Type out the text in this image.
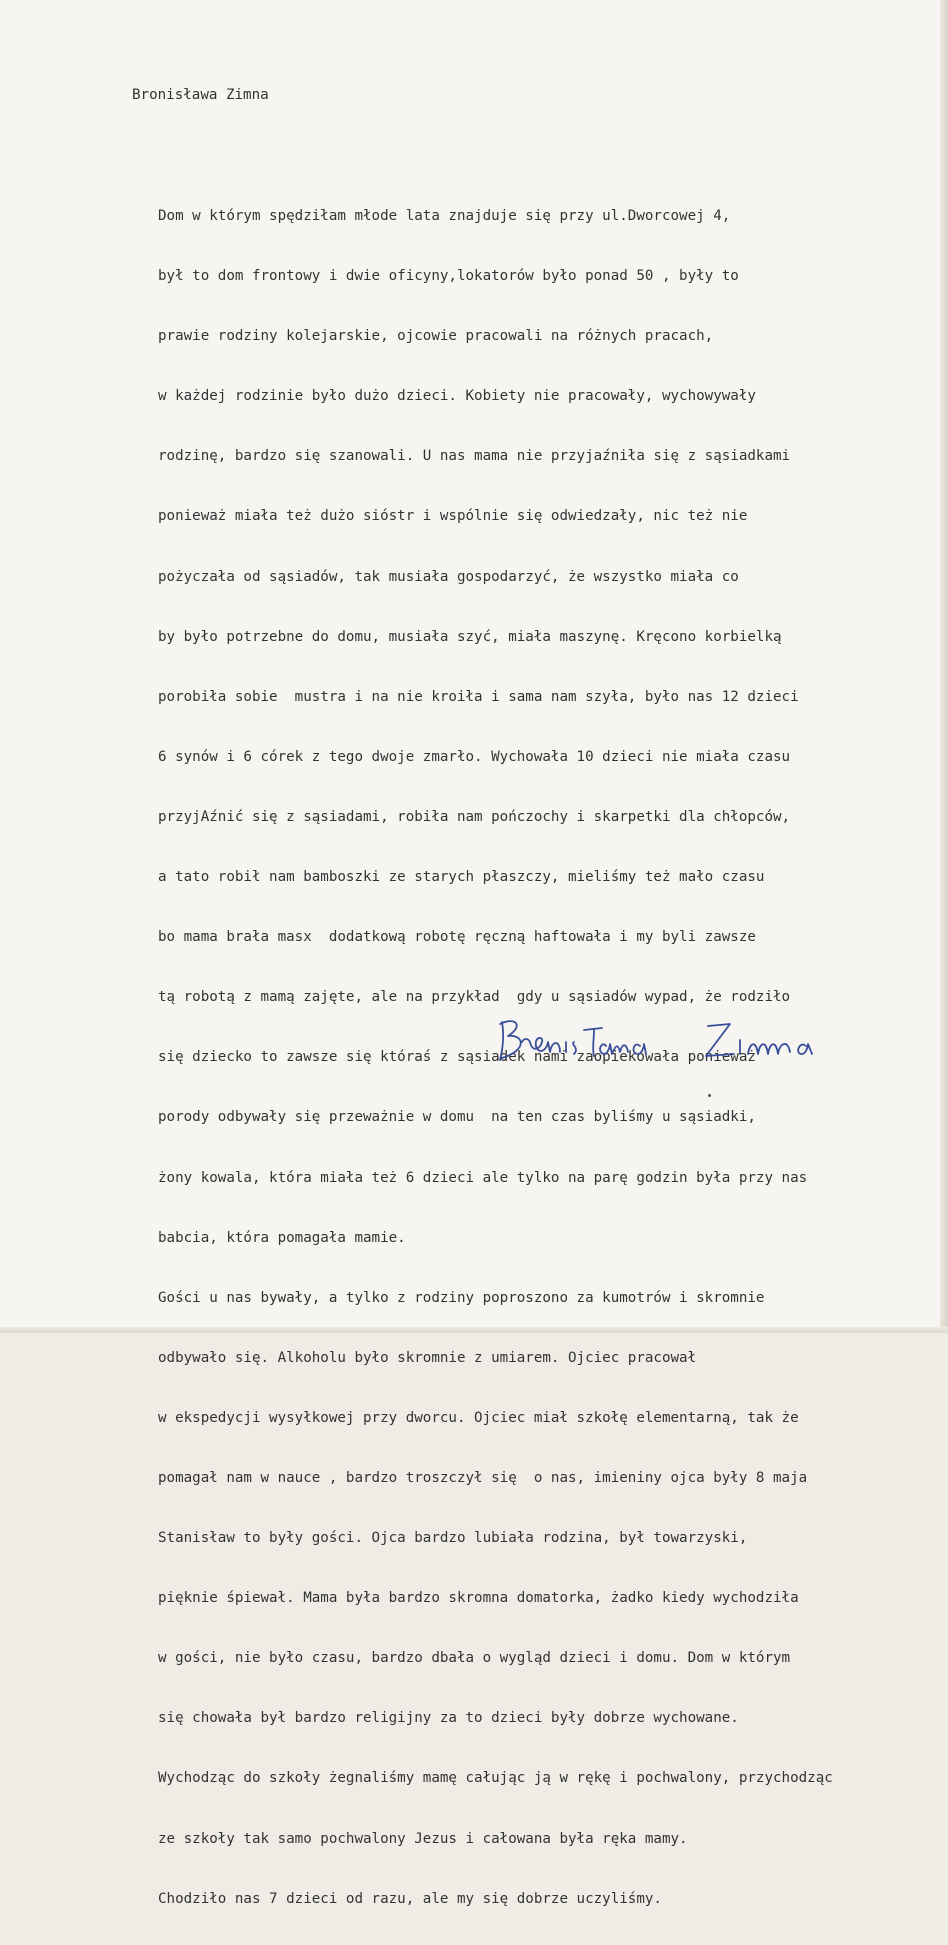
Bronisława Zimna

Dom w którym spędziłam młode lata znajduje się przy ul.Dworcowej 4,

był to dom frontowy i dwie oficyny,lokatorów było ponad 50 , były to

prawie rodziny kolejarskie, ojcowie pracowali na różnych pracach,

w każdej rodzinie było dużo dzieci. Kobiety nie pracowały, wychowywały

rodzinę, bardzo się szanowali. U nas mama nie przyjaźniła się z sąsiadkami

ponieważ miała też dużo sióstr i wspólnie się odwiedzały, nic też nie

pożyczała od sąsiadów, tak musiała gospodarzyć, że wszystko miała co

by było potrzebne do domu, musiała szyć, miała maszynę. Kręcono korbielką

porobiła sobie  mustra i na nie kroiła i sama nam szyła, było nas 12 dzieci

6 synów i 6 córek z tego dwoje zmarło. Wychowała 10 dzieci nie miała czasu

przyjAźnić się z sąsiadami, robiła nam pończochy i skarpetki dla chłopców,

a tato robił nam bamboszki ze starych płaszczy, mieliśmy też mało czasu

bo mama brała masx  dodatkową robotę ręczną haftowała i my byli zawsze

tą robotą z mamą zajęte, ale na przykład  gdy u sąsiadów wypad, że rodziło

się dziecko to zawsze się któraś z sąsiadek nami zaopiekowała ponieważ

porody odbywały się przeważnie w domu  na ten czas byliśmy u sąsiadki,

żony kowala, która miała też 6 dzieci ale tylko na parę godzin była przy nas

babcia, która pomagała mamie.

Gości u nas bywały, a tylko z rodziny poproszono za kumotrów i skromnie

odbywało się. Alkoholu było skromnie z umiarem. Ojciec pracował

w ekspedycji wysyłkowej przy dworcu. Ojciec miał szkołę elementarną, tak że

pomagał nam w nauce , bardzo troszczył się  o nas, imieniny ojca były 8 maja

Stanisław to były gości. Ojca bardzo lubiała rodzina, był towarzyski,

pięknie śpiewał. Mama była bardzo skromna domatorka, żadko kiedy wychodziła

w gości, nie było czasu, bardzo dbała o wygląd dzieci i domu. Dom w którym

się chowała był bardzo religijny za to dzieci były dobrze wychowane.

Wychodząc do szkoły żegnaliśmy mamę całując ją w rękę i pochwalony, przychodząc

ze szkoły tak samo pochwalony Jezus i całowana była ręka mamy.

Chodziło nas 7 dzieci od razu, ale my się dobrze uczyliśmy.
